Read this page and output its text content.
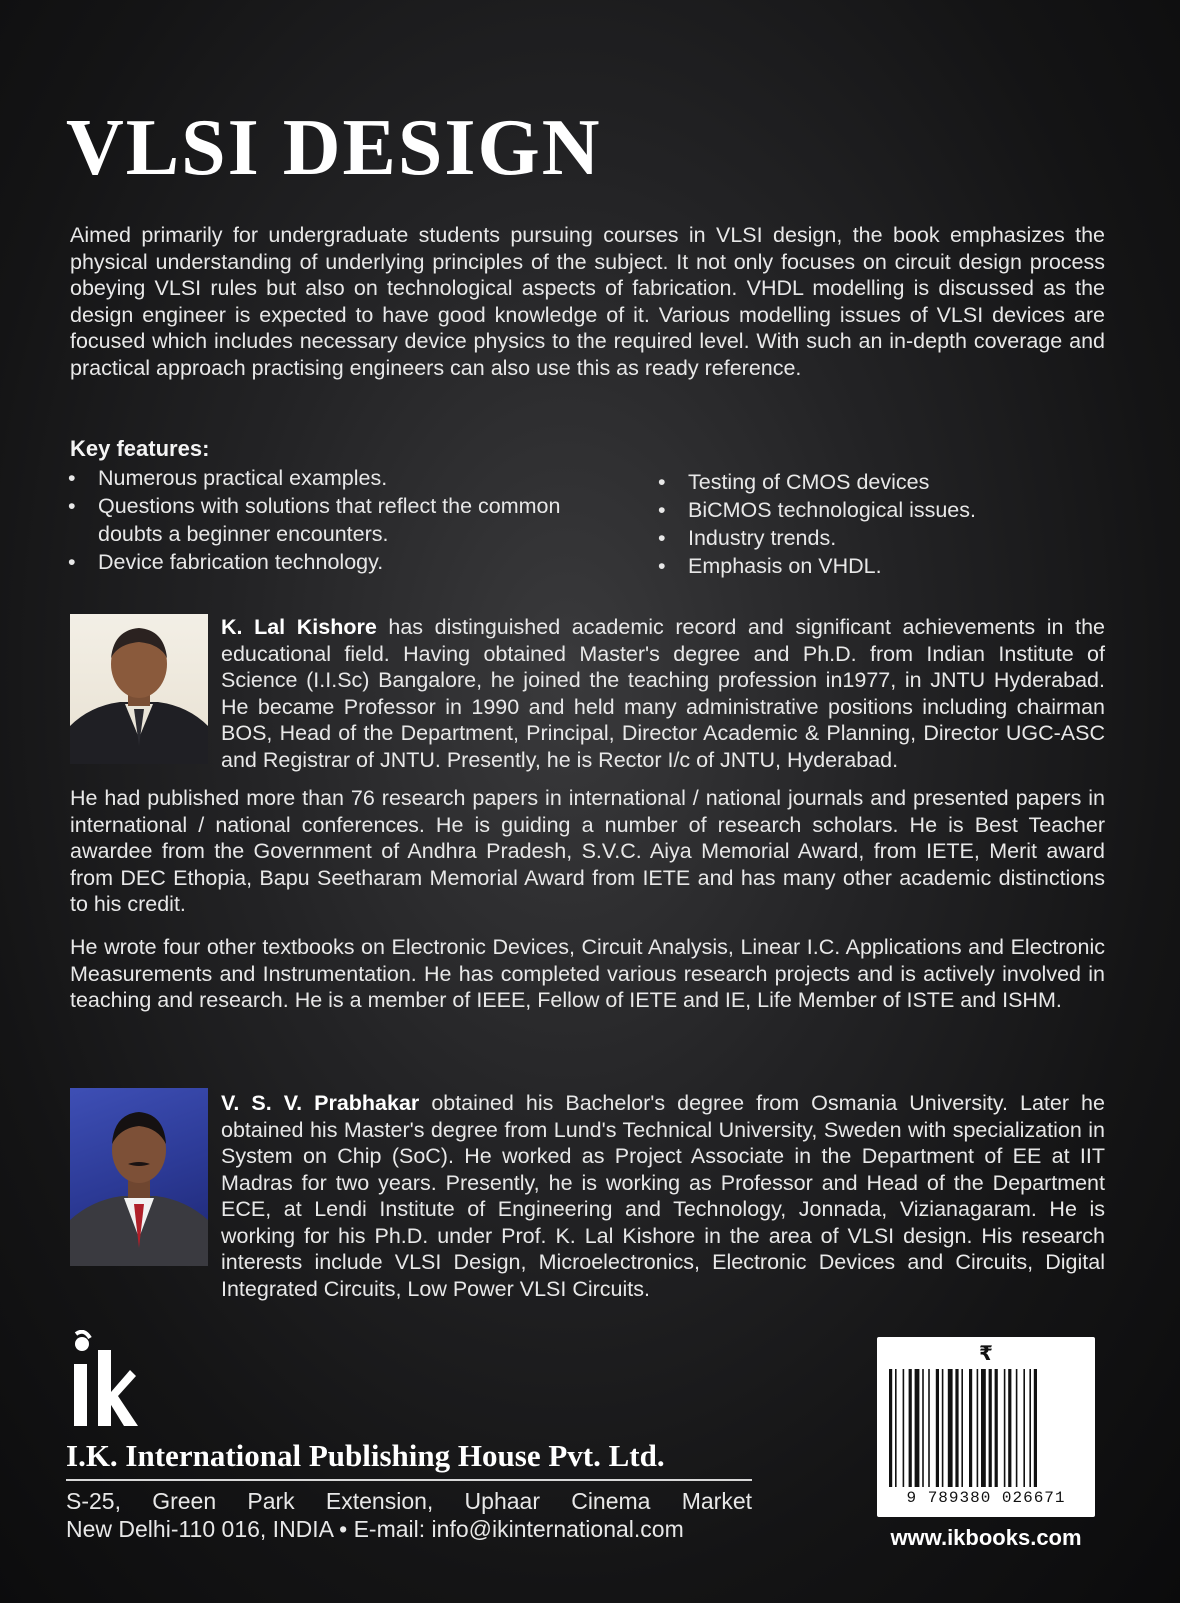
VLSI DESIGN

Aimed primarily for undergraduate students pursuing courses in VLSI design, the book emphasizes the physical understanding of underlying principles of the subject. It not only focuses on circuit design process obeying VLSI rules but also on technological aspects of fabrication. VHDL modelling is discussed as the design engineer is expected to have good knowledge of it. Various modelling issues of VLSI devices are focused which includes necessary device physics to the required level. With such an in-depth coverage and practical approach practising engineers can also use this as ready reference.

Key features:
• Numerous practical examples.
• Questions with solutions that reflect the common doubts a beginner encounters.
• Device fabrication technology.
• Testing of CMOS devices
• BiCMOS technological issues.
• Industry trends.
• Emphasis on VHDL.

K. Lal Kishore has distinguished academic record and significant achievements in the educational field. Having obtained Master's degree and Ph.D. from Indian Institute of Science (I.I.Sc) Bangalore, he joined the teaching profession in1977, in JNTU Hyderabad. He became Professor in 1990 and held many administrative positions including chairman BOS, Head of the Department, Principal, Director Academic & Planning, Director UGC-ASC and Registrar of JNTU. Presently, he is Rector I/c of JNTU, Hyderabad.

He had published more than 76 research papers in international / national journals and presented papers in international / national conferences. He is guiding a number of research scholars. He is Best Teacher awardee from the Government of Andhra Pradesh, S.V.C. Aiya Memorial Award, from IETE, Merit award from DEC Ethopia, Bapu Seetharam Memorial Award from IETE and has many other academic distinctions to his credit.

He wrote four other textbooks on Electronic Devices, Circuit Analysis, Linear I.C. Applications and Electronic Measurements and Instrumentation. He has completed various research projects and is actively involved in teaching and research. He is a member of IEEE, Fellow of IETE and IE, Life Member of ISTE and ISHM.

V. S. V. Prabhakar obtained his Bachelor's degree from Osmania University. Later he obtained his Master's degree from Lund's Technical University, Sweden with specialization in System on Chip (SoC). He worked as Project Associate in the Department of EE at IIT Madras for two years. Presently, he is working as Professor and Head of the Department ECE, at Lendi Institute of Engineering and Technology, Jonnada, Vizianagaram. He is working for his Ph.D. under Prof. K. Lal Kishore in the area of VLSI design. His research interests include VLSI Design, Microelectronics, Electronic Devices and Circuits, Digital Integrated Circuits, Low Power VLSI Circuits.

I.K. International Publishing House Pvt. Ltd.
S-25, Green Park Extension, Uphaar Cinema Market
New Delhi-110 016, INDIA • E-mail: info@ikinternational.com
₹
9 789380 026671
www.ikbooks.com
